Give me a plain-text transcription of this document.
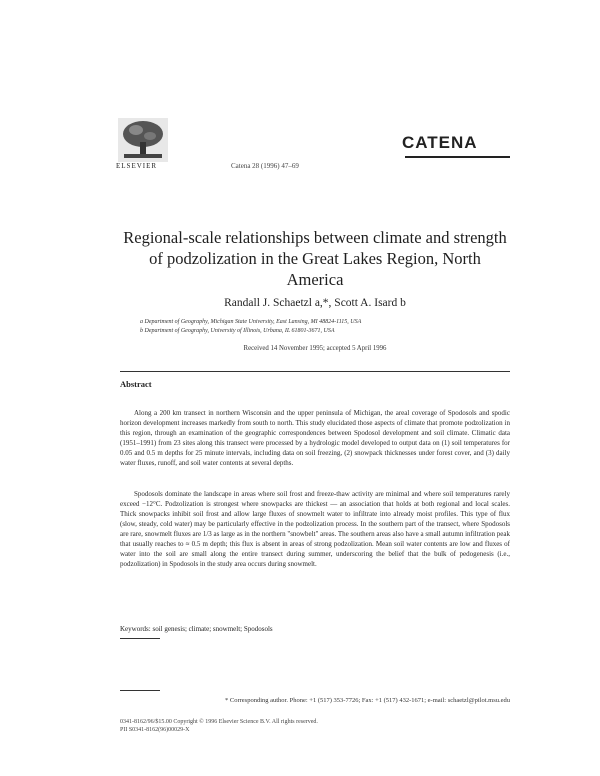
ELSEVIER	Catena 28 (1996) 47–69
CATENA
Regional-scale relationships between climate and strength of podzolization in the Great Lakes Region, North America
Randall J. Schaetzl a,*, Scott A. Isard b
a Department of Geography, Michigan State University, East Lansing, MI 48824-1115, USA
b Department of Geography, University of Illinois, Urbana, IL 61801-3671, USA
Received 14 November 1995; accepted 5 April 1996
Abstract
Along a 200 km transect in northern Wisconsin and the upper peninsula of Michigan, the areal coverage of Spodosols and spodic horizon development increases markedly from south to north. This study elucidated those aspects of climate that promote podzolization in this region, through an examination of the geographic correspondences between Spodosol development and soil climate. Climatic data (1951–1991) from 23 sites along this transect were processed by a hydrologic model developed to output data on (1) soil temperatures for 0.05 and 0.5 m depths for 25 minute intervals, including data on soil freezing, (2) snowpack thicknesses under forest cover, and (3) daily water fluxes, runoff, and soil water contents at several depths.
Spodosols dominate the landscape in areas where soil frost and freeze-thaw activity are minimal and where soil temperatures rarely exceed −12°C. Podzolization is strongest where snowpacks are thickest — an association that holds at both regional and local scales. Thick snowpacks inhibit soil frost and allow large fluxes of snowmelt water to infiltrate into already moist profiles. This type of flux (slow, steady, cold water) may be particularly effective in the podzolization process. In the southern part of the transect, where Spodosols are rare, snowmelt fluxes are 1/3 as large as in the northern "snowbelt" areas. The southern areas also have a small autumn infiltration peak that usually reaches to ≈ 0.5 m depth; this flux is absent in areas of strong podzolization. Mean soil water contents are low and fluxes of water into the soil are small along the entire transect during summer, underscoring the belief that the bulk of pedogenesis (i.e., podzolization) in Spodosols in the study area occurs during snowmelt.
Keywords: soil genesis; climate; snowmelt; Spodosols
* Corresponding author. Phone: +1 (517) 353-7726; Fax: +1 (517) 432-1671; e-mail: schaetzl@pilot.msu.edu
0341-8162/96/$15.00 Copyright © 1996 Elsevier Science B.V. All rights reserved.
PII S0341-8162(96)00029-X
